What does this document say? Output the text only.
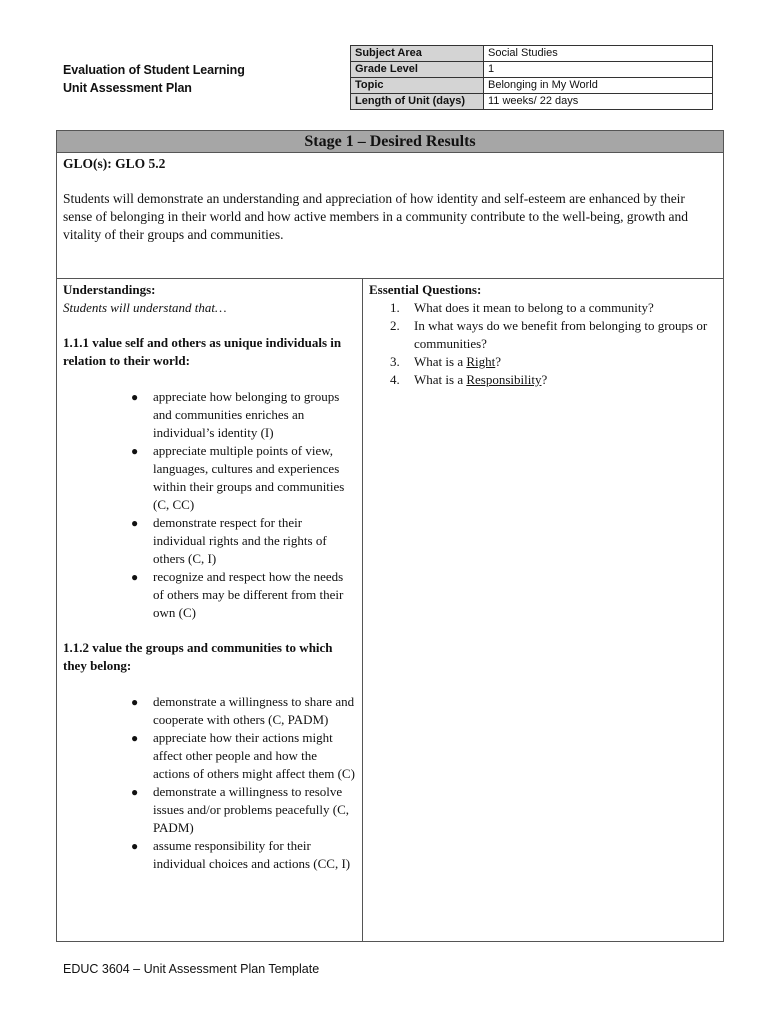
Evaluation of Student Learning
Unit Assessment Plan
Subject Area	Social Studies
Grade Level	1
Topic	Belonging in My World
Length of Unit (days)	11 weeks/ 22 days
Stage 1 – Desired Results
GLO(s): GLO 5.2
Students will demonstrate an understanding and appreciation of how identity and self-esteem are enhanced by their sense of belonging in their world and how active members in a community contribute to the well-being, growth and vitality of their groups and communities.
Understandings:
Students will understand that…
1.1.1 value self and others as unique individuals in relation to their world:
● appreciate how belonging to groups and communities enriches an individual’s identity (I)
● appreciate multiple points of view, languages, cultures and experiences within their groups and communities (C, CC)
● demonstrate respect for their individual rights and the rights of others (C, I)
● recognize and respect how the needs of others may be different from their own (C)
1.1.2 value the groups and communities to which they belong:
● demonstrate a willingness to share and cooperate with others (C, PADM)
● appreciate how their actions might affect other people and how the actions of others might affect them (C)
● demonstrate a willingness to resolve issues and/or problems peacefully (C, PADM)
● assume responsibility for their individual choices and actions (CC, I)
Essential Questions:
1. What does it mean to belong to a community?
2. In what ways do we benefit from belonging to groups or communities?
3. What is a Right?
4. What is a Responsibility?
EDUC 3604 – Unit Assessment Plan Template
